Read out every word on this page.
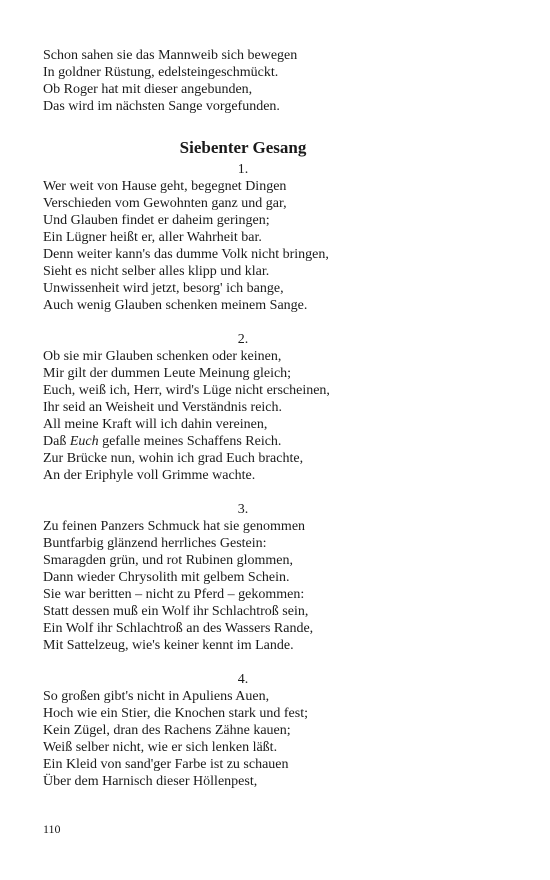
Schon sahen sie das Mannweib sich bewegen
In goldner Rüstung, edelsteingeschmückt.
Ob Roger hat mit dieser angebunden,
Das wird im nächsten Sange vorgefunden.
Siebenter Gesang
1.
Wer weit von Hause geht, begegnet Dingen
Verschieden vom Gewohnten ganz und gar,
Und Glauben findet er daheim geringen;
Ein Lügner heißt er, aller Wahrheit bar.
Denn weiter kann's das dumme Volk nicht bringen,
Sieht es nicht selber alles klipp und klar.
Unwissenheit wird jetzt, besorg' ich bange,
Auch wenig Glauben schenken meinem Sange.
2.
Ob sie mir Glauben schenken oder keinen,
Mir gilt der dummen Leute Meinung gleich;
Euch, weiß ich, Herr, wird's Lüge nicht erscheinen,
Ihr seid an Weisheit und Verständnis reich.
All meine Kraft will ich dahin vereinen,
Daß Euch gefalle meines Schaffens Reich.
Zur Brücke nun, wohin ich grad Euch brachte,
An der Eriphyle voll Grimme wachte.
3.
Zu feinen Panzers Schmuck hat sie genommen
Buntfarbig glänzend herrliches Gestein:
Smaragden grün, und rot Rubinen glommen,
Dann wieder Chrysolith mit gelbem Schein.
Sie war beritten – nicht zu Pferd – gekommen:
Statt dessen muß ein Wolf ihr Schlachtroß sein,
Ein Wolf ihr Schlachtroß an des Wassers Rande,
Mit Sattelzeug, wie's keiner kennt im Lande.
4.
So großen gibt's nicht in Apuliens Auen,
Hoch wie ein Stier, die Knochen stark und fest;
Kein Zügel, dran des Rachens Zähne kauen;
Weiß selber nicht, wie er sich lenken läßt.
Ein Kleid von sand'ger Farbe ist zu schauen
Über dem Harnisch dieser Höllenpest,
110
